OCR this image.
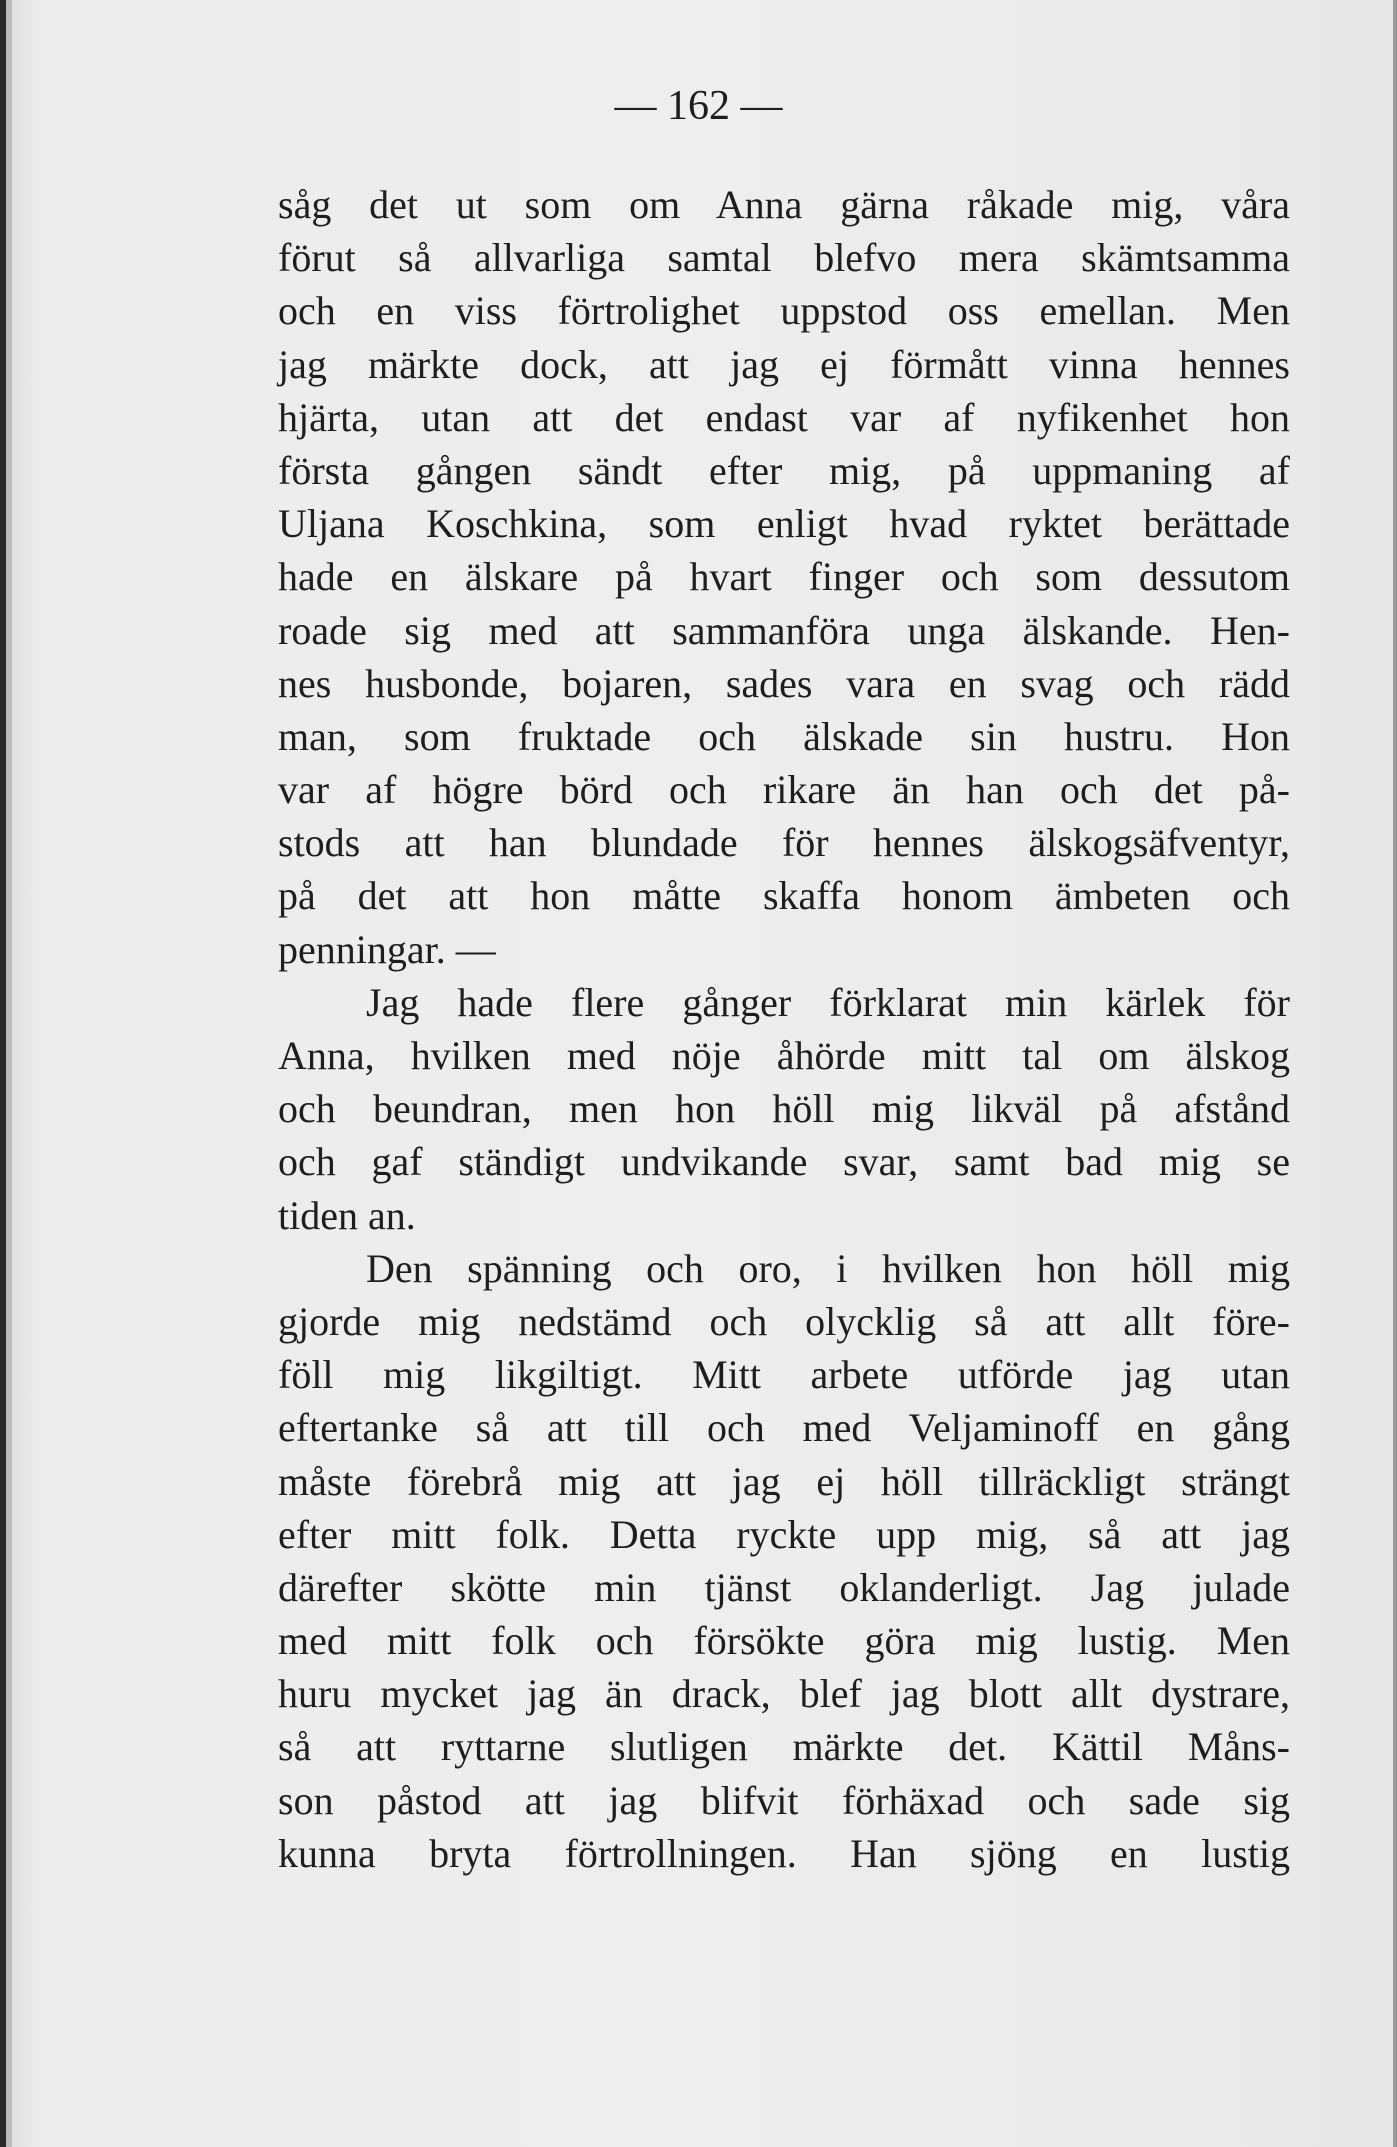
— 162 —
såg det ut som om Anna gärna råkade mig, våra
förut så allvarliga samtal blefvo mera skämtsamma
och en viss förtrolighet uppstod oss emellan. Men
jag märkte dock, att jag ej förmått vinna hennes
hjärta, utan att det endast var af nyfikenhet hon
första gången sändt efter mig, på uppmaning af
Uljana Koschkina, som enligt hvad ryktet berättade
hade en älskare på hvart finger och som dessutom
roade sig med att sammanföra unga älskande. Hen-
nes husbonde, bojaren, sades vara en svag och rädd
man, som fruktade och älskade sin hustru. Hon
var af högre börd och rikare än han och det på-
stods att han blundade för hennes älskogsäfventyr,
på det att hon måtte skaffa honom ämbeten och
penningar. —
Jag hade flere gånger förklarat min kärlek för
Anna, hvilken med nöje åhörde mitt tal om älskog
och beundran, men hon höll mig likväl på afstånd
och gaf ständigt undvikande svar, samt bad mig se
tiden an.
Den spänning och oro, i hvilken hon höll mig
gjorde mig nedstämd och olycklig så att allt före-
föll mig likgiltigt. Mitt arbete utförde jag utan
eftertanke så att till och med Veljaminoff en gång
måste förebrå mig att jag ej höll tillräckligt strängt
efter mitt folk. Detta ryckte upp mig, så att jag
därefter skötte min tjänst oklanderligt. Jag julade
med mitt folk och försökte göra mig lustig. Men
huru mycket jag än drack, blef jag blott allt dystrare,
så att ryttarne slutligen märkte det. Kättil Måns-
son påstod att jag blifvit förhäxad och sade sig
kunna bryta förtrollningen. Han sjöng en lustig
